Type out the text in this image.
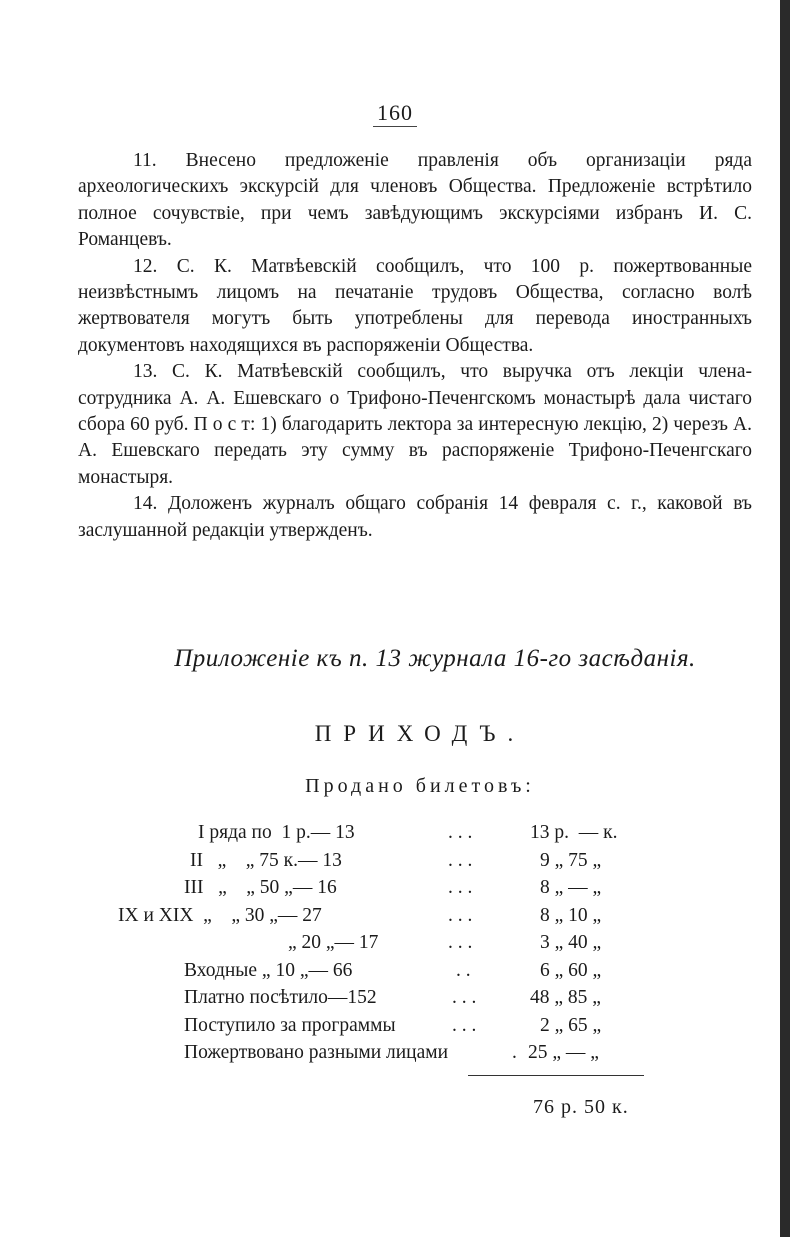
160

11. Внесено предложенiе правленiя объ организацiи ряда археологическихъ экскурсiй для членовъ Общества. Предложенiе встрѣтило полное сочувствiе, при чемъ завѣдующимъ экскурсiями избранъ И. С. Романцевъ.

12. С. К. Матвѣевскiй сообщилъ, что 100 р. пожертвованные неизвѣстнымъ лицомъ на печатанiе трудовъ Общества, согласно волѣ жертвователя могутъ быть употреблены для перевода иностранныхъ документовъ находящихся въ распоряженiи Общества.

13. С. К. Матвѣевскiй сообщилъ, что выручка отъ лекцiи члена-сотрудника А. А. Ешевскаго о Трифоно-Печенгскомъ монастырѣ дала чистаго сбора 60 руб. П о с т: 1) благодарить лектора за интересную лекцiю, 2) черезъ А. А. Ешевскаго передать эту сумму въ распоряженiе Трифоно-Печенгскаго монастыря.

14. Доложенъ журналъ общаго собранiя 14 февраля с. г., каковой въ заслушанной редакцiи утвержденъ.

Приложенiе къ п. 13 журнала 16-го засѣданiя.
ПРИХОДЪ.
Продано билетовъ:
I ряда по  1 р.— 13	. . .	13 р.  — к.
II   „    „ 75 к.— 13	. . .	9 „ 75 „
III   „    „ 50 „— 16	. . .	8 „ — „
IX и XIX  „    „ 30 „— 27	. . .	8 „ 10 „
„ 20 „— 17	. . .	3 „ 40 „
Входные „ 10 „— 66	. .	6 „ 60 „
Платно посѣтило—152	. . .	48 „ 85 „
Поступило за программы	. . .	2 „ 65 „
Пожертвовано разными лицами	. 25 „ — „
76 р. 50 к.
